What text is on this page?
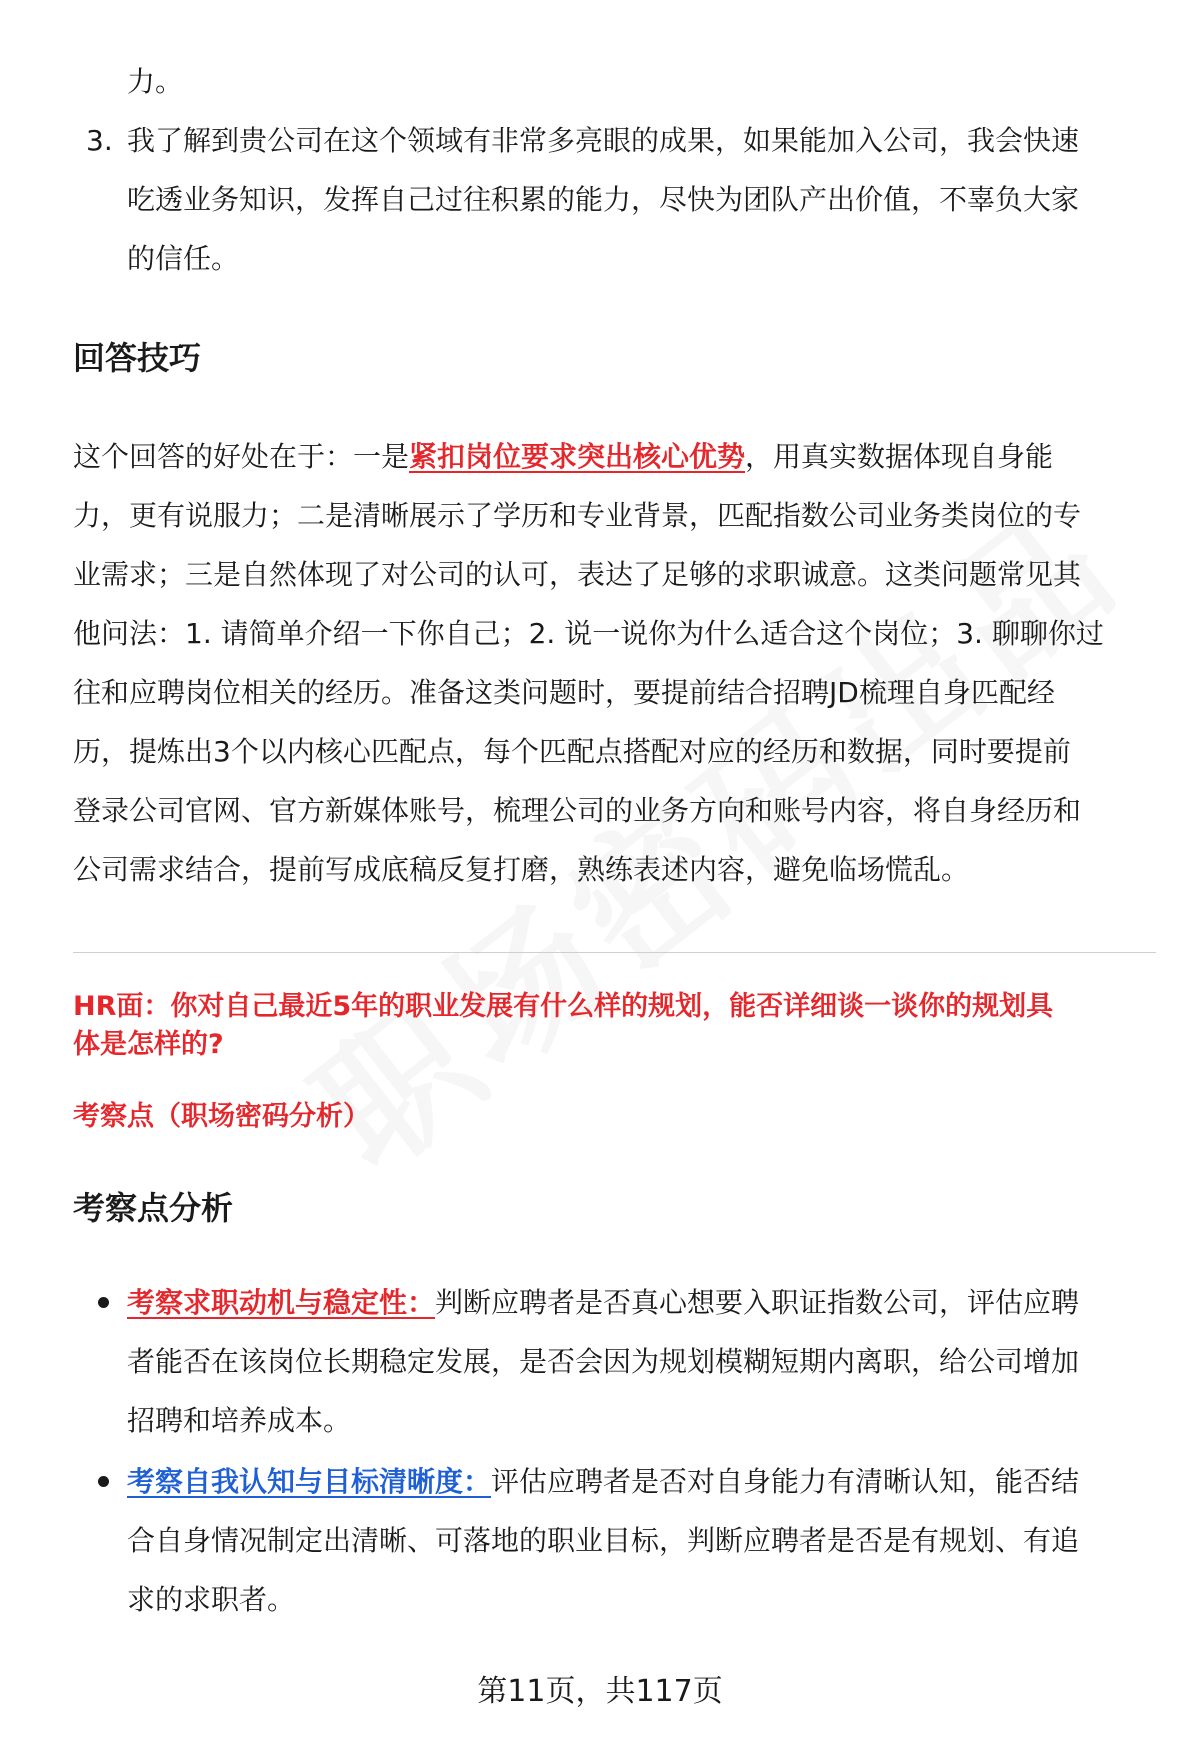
力。
3. 我了解到贵公司在这个领域有非常多亮眼的成果，如果能加入公司，我会快速
吃透业务知识，发挥自己过往积累的能力，尽快为团队产出价值，不辜负大家
的信任。
回答技巧
这个回答的好处在于：一是紧扣岗位要求突出核心优势，用真实数据体现自身能
力，更有说服力；二是清晰展示了学历和专业背景，匹配指数公司业务类岗位的专
业需求；三是自然体现了对公司的认可，表达了足够的求职诚意。这类问题常见其
他问法：1. 请简单介绍一下你自己；2. 说一说你为什么适合这个岗位；3. 聊聊你过
往和应聘岗位相关的经历。准备这类问题时，要提前结合招聘JD梳理自身匹配经
历，提炼出3个以内核心匹配点，每个匹配点搭配对应的经历和数据，同时要提前
登录公司官网、官方新媒体账号，梳理公司的业务方向和账号内容，将自身经历和
公司需求结合，提前写成底稿反复打磨，熟练表述内容，避免临场慌乱。
HR面：你对自己最近5年的职业发展有什么样的规划，能否详细谈一谈你的规划具
体是怎样的?
考察点（职场密码分析）
考察点分析
考察求职动机与稳定性：判断应聘者是否真心想要入职证指数公司，评估应聘
者能否在该岗位长期稳定发展，是否会因为规划模糊短期内离职，给公司增加
招聘和培养成本。
考察自我认知与目标清晰度：评估应聘者是否对自身能力有清晰认知，能否结
合自身情况制定出清晰、可落地的职业目标，判断应聘者是否是有规划、有追
求的求职者。
第11页，共117页
